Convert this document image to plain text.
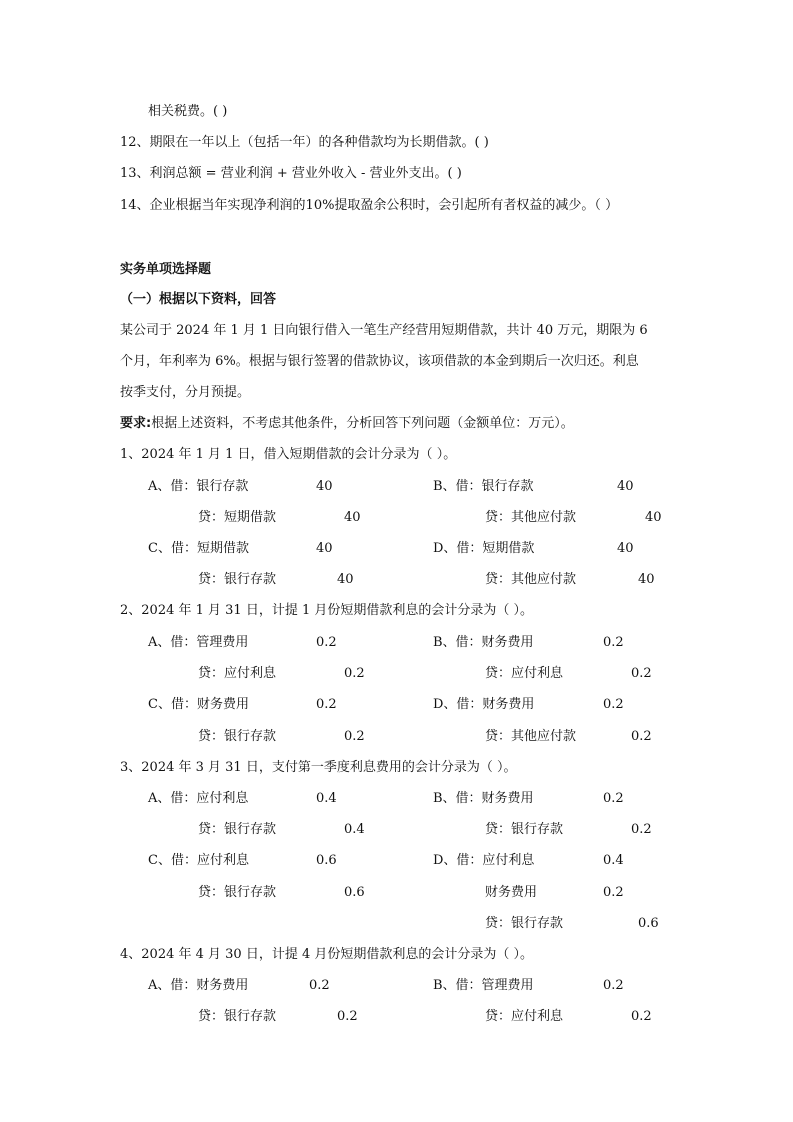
相关税费。( )
12、期限在一年以上（包括一年）的各种借款均为长期借款。( )
13、利润总额 = 营业利润 + 营业外收入 - 营业外支出。( )
14、企业根据当年实现净利润的10%提取盈余公积时，会引起所有者权益的减少。（ ）
实务单项选择题
（一）根据以下资料，回答
某公司于 2024 年 1 月 1 日向银行借入一笔生产经营用短期借款，共计 40 万元，期限为 6
个月，年利率为 6%。根据与银行签署的借款协议，该项借款的本金到期后一次归还。利息
按季支付，分月预提。
要求:根据上述资料，不考虑其他条件，分析回答下列问题（金额单位：万元）。
1、2024 年 1 月 1 日，借入短期借款的会计分录为（ ）。
A、借：银行存款	40	B、借：银行存款	40
贷：短期借款	40	贷：其他应付款	40
C、借：短期借款	40	D、借：短期借款	40
贷：银行存款	40	贷：其他应付款	40
2、2024 年 1 月 31 日，计提 1 月份短期借款利息的会计分录为（ ）。
A、借：管理费用	0.2	B、借：财务费用	0.2
贷：应付利息	0.2	贷：应付利息	0.2
C、借：财务费用	0.2	D、借：财务费用	0.2
贷：银行存款	0.2	贷：其他应付款	0.2
3、2024 年 3 月 31 日，支付第一季度利息费用的会计分录为（ ）。
A、借：应付利息	0.4	B、借：财务费用	0.2
贷：银行存款	0.4	贷：银行存款	0.2
C、借：应付利息	0.6	D、借：应付利息	0.4
贷：银行存款	0.6	财务费用	0.2
贷：银行存款	0.6
4、2024 年 4 月 30 日，计提 4 月份短期借款利息的会计分录为（ ）。
A、借：财务费用	0.2	B、借：管理费用	0.2
贷：银行存款	0.2	贷：应付利息	0.2
